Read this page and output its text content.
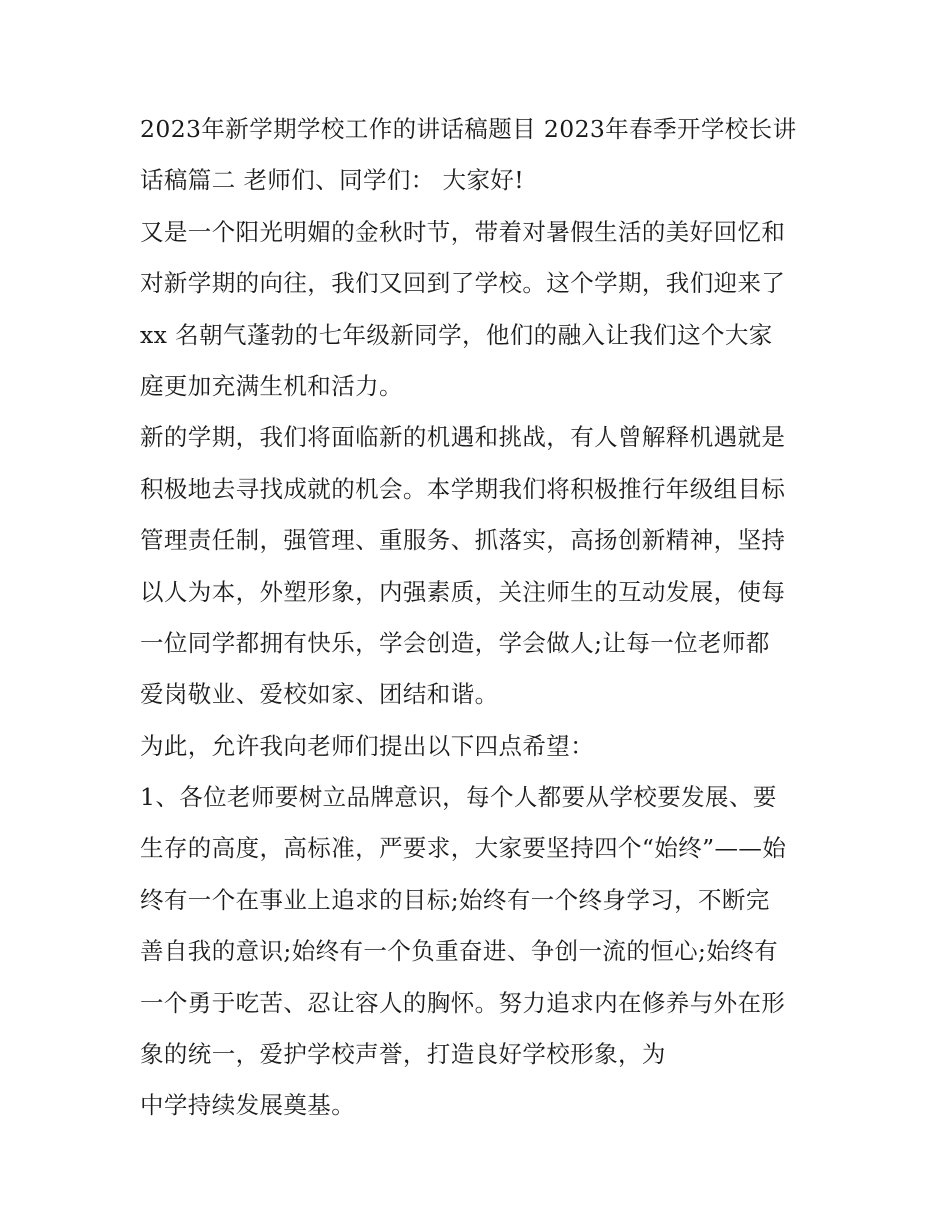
2023年新学期学校工作的讲话稿题目 2023年春季开学校长讲
话稿篇二 老师们、同学们： 大家好!
又是一个阳光明媚的金秋时节，带着对暑假生活的美好回忆和
对新学期的向往，我们又回到了学校。这个学期，我们迎来了
xx 名朝气蓬勃的七年级新同学，他们的融入让我们这个大家
庭更加充满生机和活力。
新的学期，我们将面临新的机遇和挑战，有人曾解释机遇就是
积极地去寻找成就的机会。本学期我们将积极推行年级组目标
管理责任制，强管理、重服务、抓落实，高扬创新精神，坚持
以人为本，外塑形象，内强素质，关注师生的互动发展，使每
一位同学都拥有快乐，学会创造，学会做人;让每一位老师都
爱岗敬业、爱校如家、团结和谐。
为此，允许我向老师们提出以下四点希望：
1、各位老师要树立品牌意识，每个人都要从学校要发展、要
生存的高度，高标准，严要求，大家要坚持四个“始终”——始
终有一个在事业上追求的目标;始终有一个终身学习，不断完
善自我的意识;始终有一个负重奋进、争创一流的恒心;始终有
一个勇于吃苦、忍让容人的胸怀。努力追求内在修养与外在形
象的统一，爱护学校声誉，打造良好学校形象，为
中学持续发展奠基。
